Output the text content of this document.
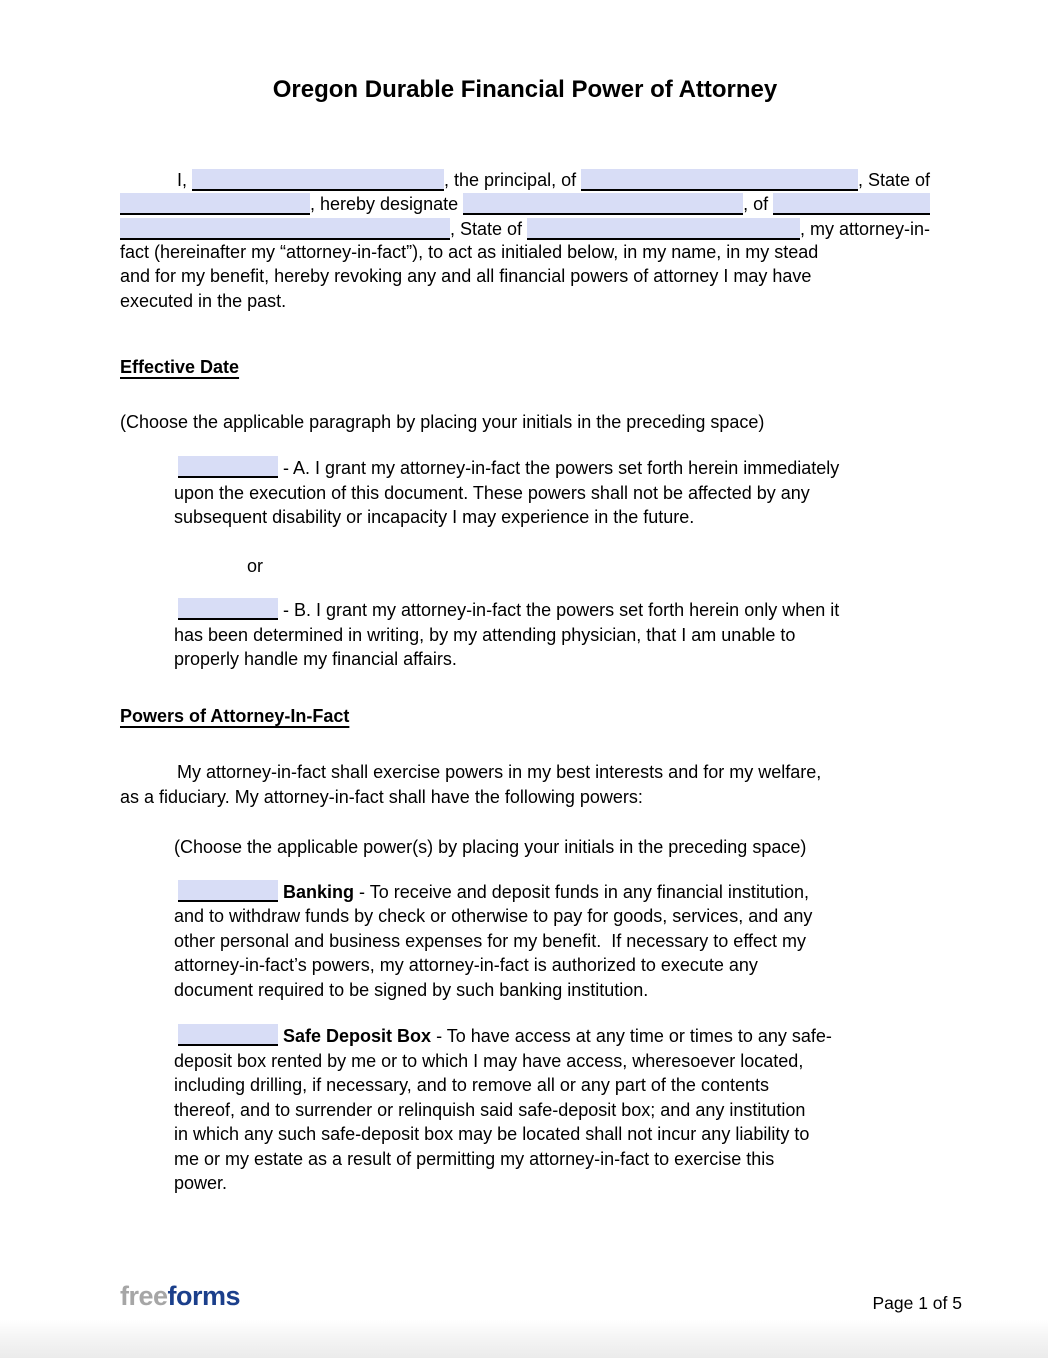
Oregon Durable Financial Power of Attorney
I,	, the principal, of	, State of
, hereby designate	, of
, State of	, my attorney-in-
fact (hereinafter my “attorney-in-fact”), to act as initialed below, in my name, in my stead
and for my benefit, hereby revoking any and all financial powers of attorney I may have
executed in the past.
Effective Date
(Choose the applicable paragraph by placing your initials in the preceding space)
- A. I grant my attorney-in-fact the powers set forth herein immediately
upon the execution of this document. These powers shall not be affected by any
subsequent disability or incapacity I may experience in the future.
or
- B. I grant my attorney-in-fact the powers set forth herein only when it
has been determined in writing, by my attending physician, that I am unable to
properly handle my financial affairs.
Powers of Attorney-In-Fact
My attorney-in-fact shall exercise powers in my best interests and for my welfare,
as a fiduciary. My attorney-in-fact shall have the following powers:
(Choose the applicable power(s) by placing your initials in the preceding space)
Banking - To receive and deposit funds in any financial institution,
and to withdraw funds by check or otherwise to pay for goods, services, and any
other personal and business expenses for my benefit.  If necessary to effect my
attorney-in-fact’s powers, my attorney-in-fact is authorized to execute any
document required to be signed by such banking institution.
Safe Deposit Box - To have access at any time or times to any safe-
deposit box rented by me or to which I may have access, wheresoever located,
including drilling, if necessary, and to remove all or any part of the contents
thereof, and to surrender or relinquish said safe-deposit box; and any institution
in which any such safe-deposit box may be located shall not incur any liability to
me or my estate as a result of permitting my attorney-in-fact to exercise this
power.
freeforms	Page 1 of 5
